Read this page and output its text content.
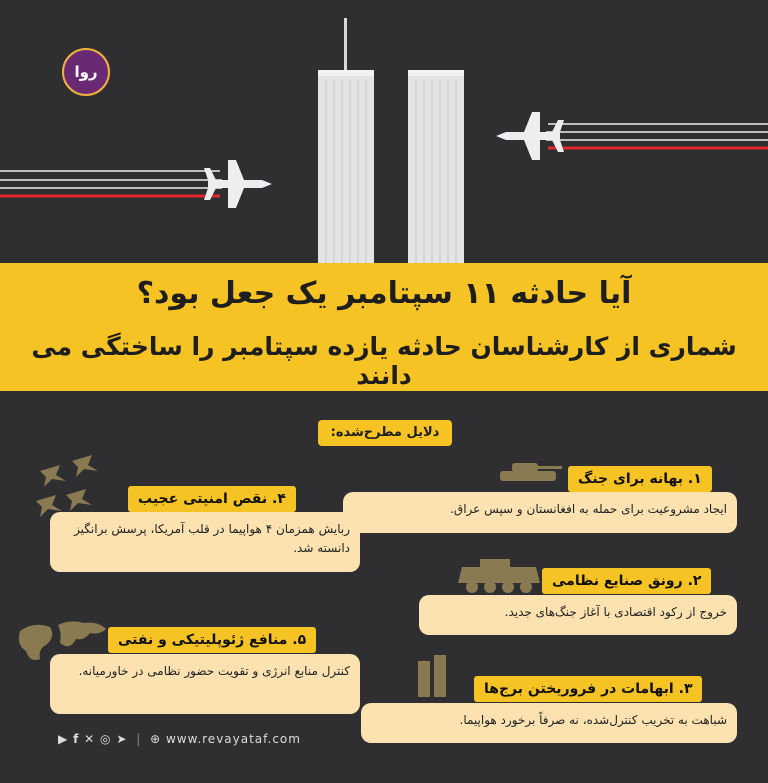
روا
آیا حادثه ۱۱ سپتامبر یک جعل بود؟
شماری از کارشناسان حادثه یازده سپتامبر را ساختگی می دانند
دلایل مطرح‌شده:
۱. بهانه برای جنگ
ایجاد مشروعیت برای حمله به افغانستان و سپس عراق.
۲. رونق صنایع نظامی
خروج از رکود اقتصادی با آغاز جنگ‌های جدید.
۳. ابهامات در فروریختن برج‌ها
شباهت به تخریب کنترل‌شده، نه صرفاً برخورد هواپیما.
۴. نقص امنیتی عجیب
ربایش همزمان ۴ هواپیما در قلب آمریکا، پرسش برانگیز دانسته شد.
۵. منافع ژئوپلیتیکی و نفتی
کنترل منابع انرژی و تقویت حضور نظامی در خاورمیانه.
▶ f ✕ ◎ ➤ | ⊕ www.revayataf.com
